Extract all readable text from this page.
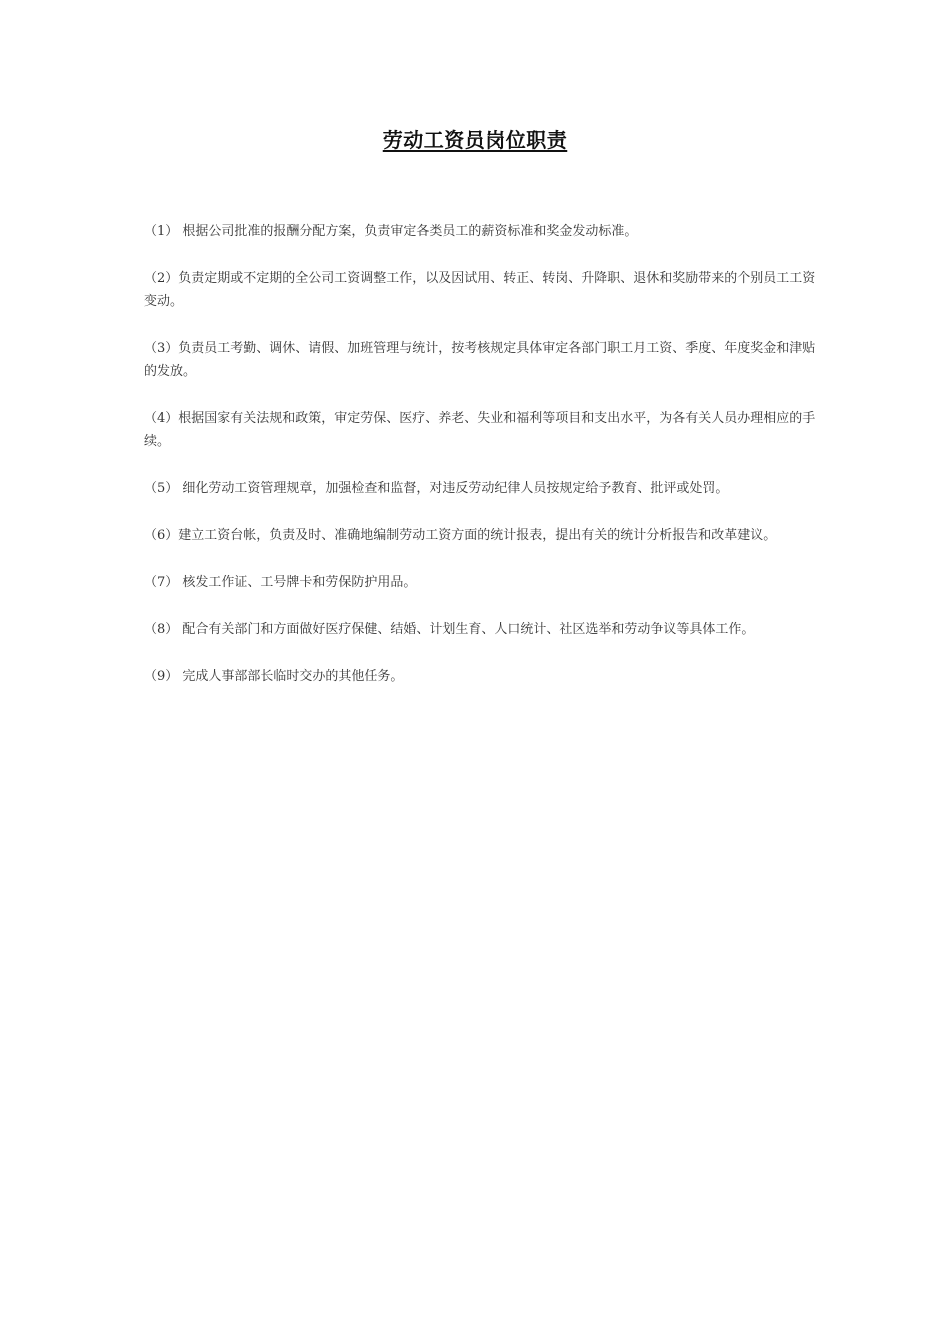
劳动工资员岗位职责

（1） 根据公司批准的报酬分配方案，负责审定各类员工的薪资标准和奖金发动标准。

（2）负责定期或不定期的全公司工资调整工作，以及因试用、转正、转岗、升降职、退休和奖励带来的个别员工工资变动。

（3）负责员工考勤、调休、请假、加班管理与统计，按考核规定具体审定各部门职工月工资、季度、年度奖金和津贴的发放。

（4）根据国家有关法规和政策，审定劳保、医疗、养老、失业和福利等项目和支出水平，为各有关人员办理相应的手续。

（5） 细化劳动工资管理规章，加强检查和监督，对违反劳动纪律人员按规定给予教育、批评或处罚。

（6）建立工资台帐，负责及时、准确地编制劳动工资方面的统计报表，提出有关的统计分析报告和改革建议。

（7） 核发工作证、工号牌卡和劳保防护用品。

（8） 配合有关部门和方面做好医疗保健、结婚、计划生育、人口统计、社区选举和劳动争议等具体工作。

（9） 完成人事部部长临时交办的其他任务。
